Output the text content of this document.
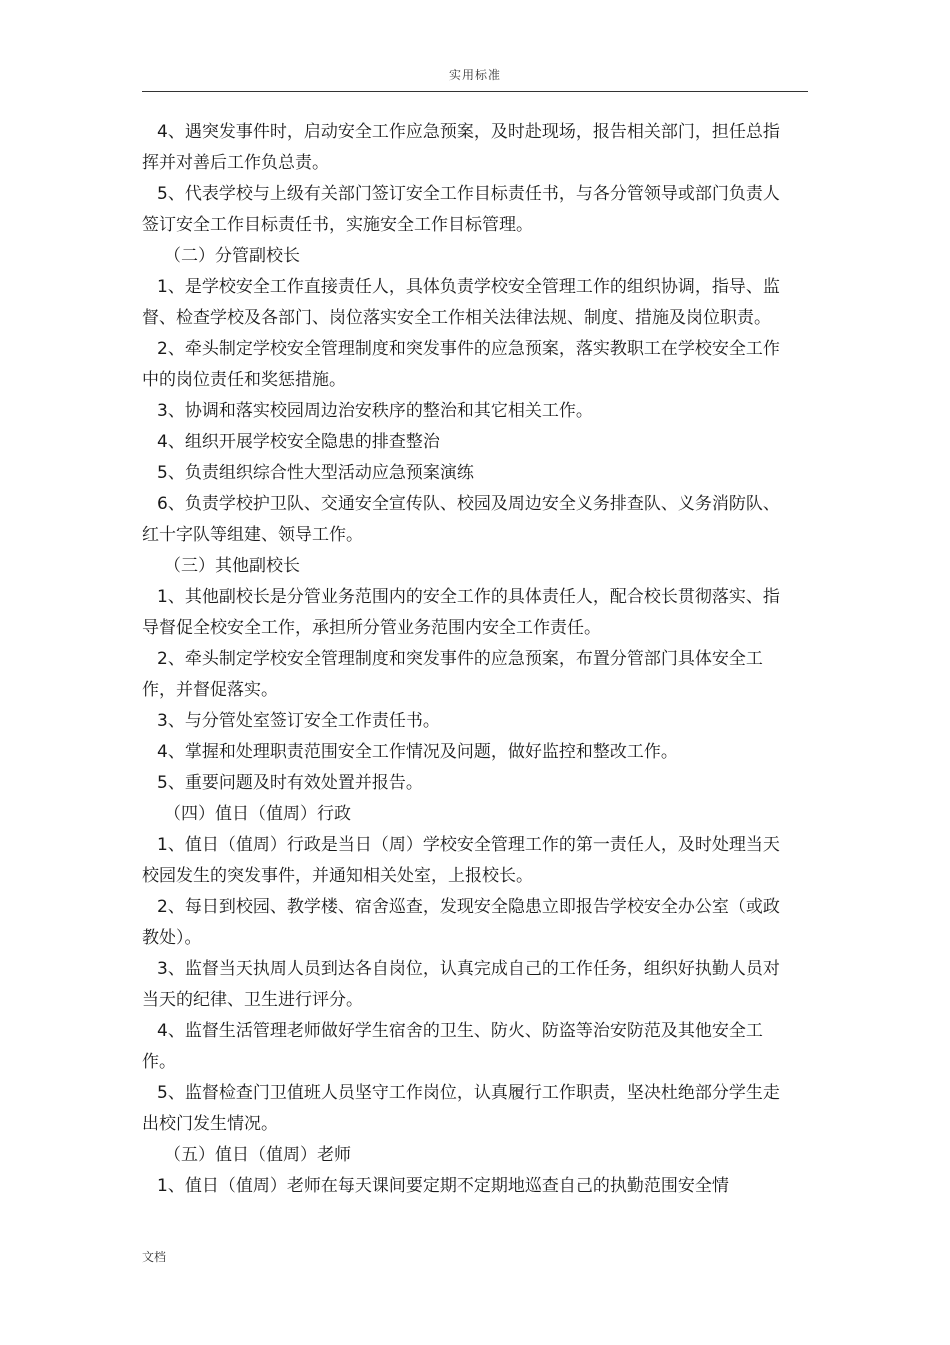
实用标准

4、遇突发事件时，启动安全工作应急预案，及时赴现场，报告相关部门，担任总指挥并对善后工作负总责。

5、代表学校与上级有关部门签订安全工作目标责任书，与各分管领导或部门负责人签订安全工作目标责任书，实施安全工作目标管理。

（二）分管副校长

1、是学校安全工作直接责任人，具体负责学校安全管理工作的组织协调，指导、监督、检查学校及各部门、岗位落实安全工作相关法律法规、制度、措施及岗位职责。

2、牵头制定学校安全管理制度和突发事件的应急预案，落实教职工在学校安全工作中的岗位责任和奖惩措施。

3、协调和落实校园周边治安秩序的整治和其它相关工作。

4、组织开展学校安全隐患的排查整治

5、负责组织综合性大型活动应急预案演练

6、负责学校护卫队、交通安全宣传队、校园及周边安全义务排查队、义务消防队、红十字队等组建、领导工作。

（三）其他副校长

1、其他副校长是分管业务范围内的安全工作的具体责任人，配合校长贯彻落实、指导督促全校安全工作，承担所分管业务范围内安全工作责任。

2、牵头制定学校安全管理制度和突发事件的应急预案，布置分管部门具体安全工作，并督促落实。

3、与分管处室签订安全工作责任书。

4、掌握和处理职责范围安全工作情况及问题，做好监控和整改工作。

5、重要问题及时有效处置并报告。

（四）值日（值周）行政

1、值日（值周）行政是当日（周）学校安全管理工作的第一责任人，及时处理当天校园发生的突发事件，并通知相关处室，上报校长。

2、每日到校园、教学楼、宿舍巡查，发现安全隐患立即报告学校安全办公室（或政教处）。

3、监督当天执周人员到达各自岗位，认真完成自己的工作任务，组织好执勤人员对当天的纪律、卫生进行评分。

4、监督生活管理老师做好学生宿舍的卫生、防火、防盗等治安防范及其他安全工作。

5、监督检查门卫值班人员坚守工作岗位，认真履行工作职责，坚决杜绝部分学生走出校门发生情况。

（五）值日（值周）老师

1、值日（值周）老师在每天课间要定期不定期地巡查自己的执勤范围安全情

文档
